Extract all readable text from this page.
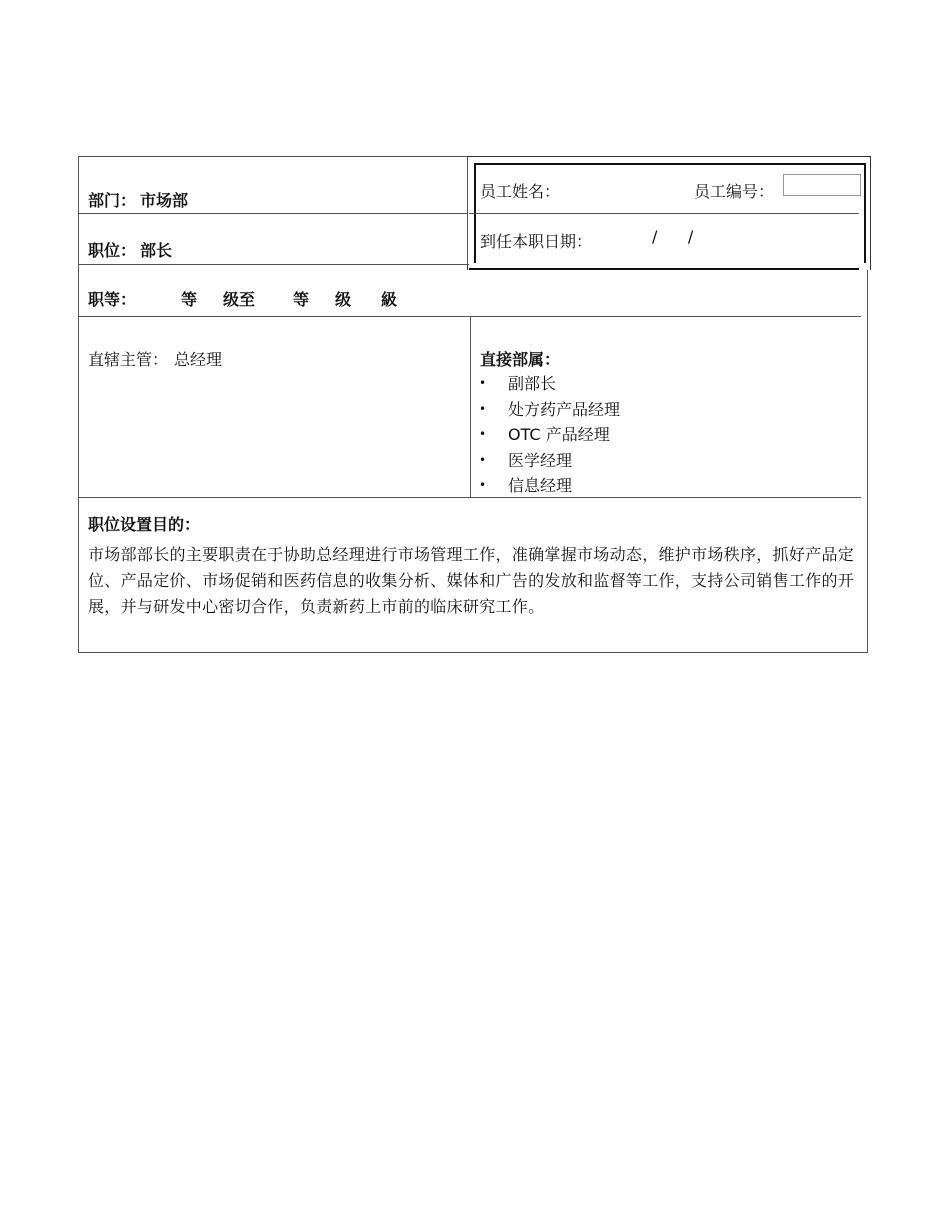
部门： 市场部
职位： 部长
员工姓名：	员工编号：
到任本职日期：	/      /
职等：	等 级至 等 级 級
直辖主管： 总经理	直接部属：
• 副部长
• 处方药产品经理
• OTC 产品经理
• 医学经理
• 信息经理
职位设置目的：
市场部部长的主要职责在于协助总经理进行市场管理工作，准确掌握市场动态，维护市场秩序，抓好产品定位、产品定价、市场促销和医药信息的收集分析、媒体和广告的发放和监督等工作，支持公司销售工作的开展，并与研发中心密切合作，负责新药上市前的临床研究工作。
